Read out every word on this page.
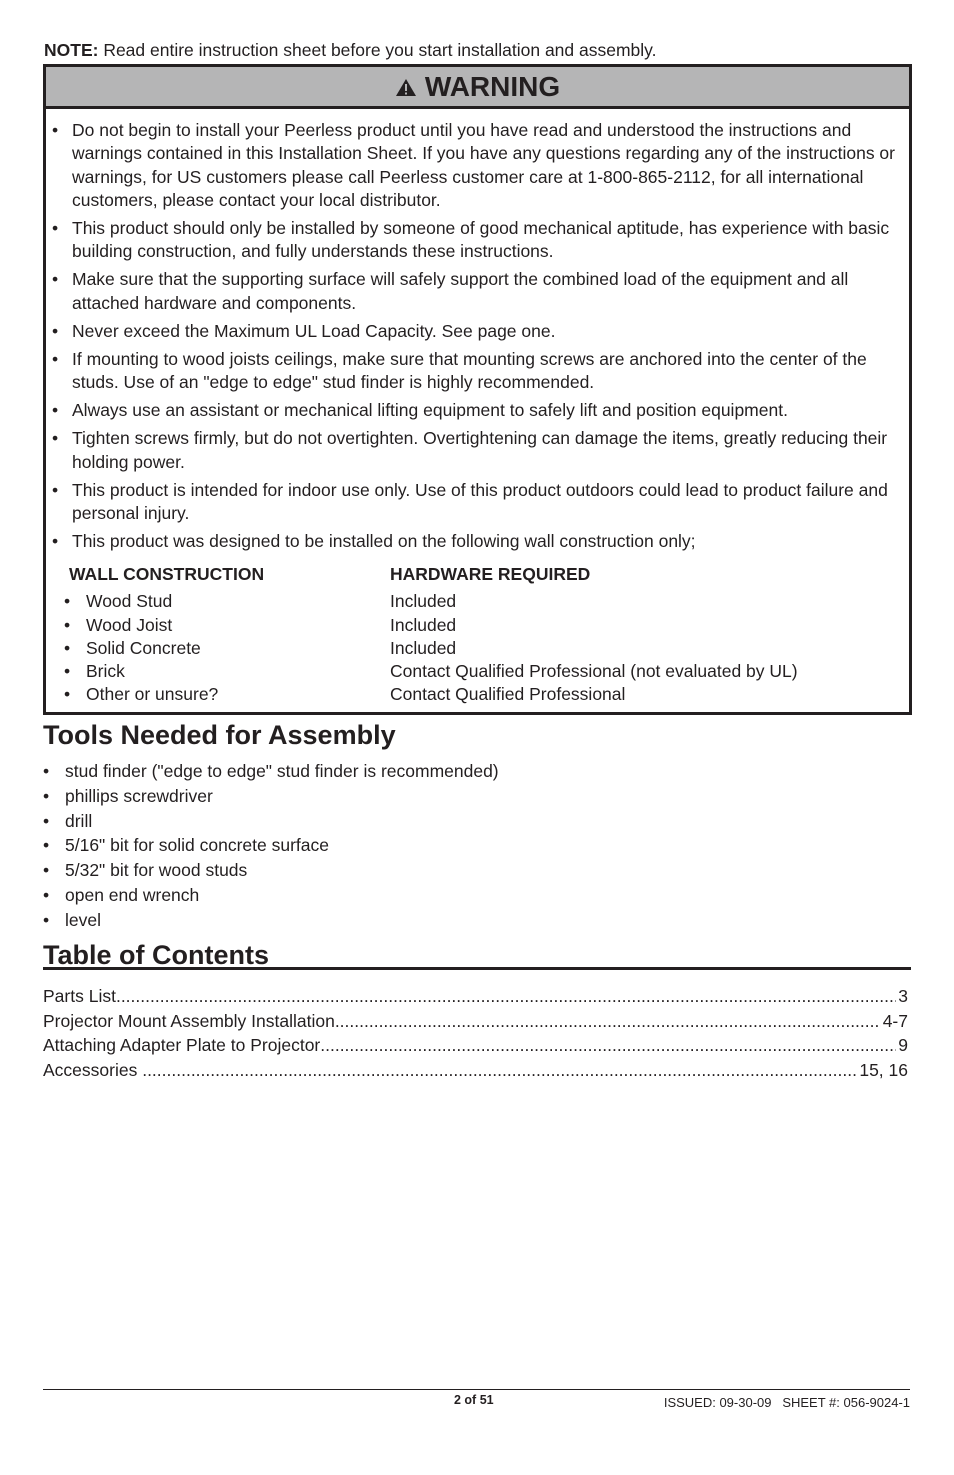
NOTE: Read entire instruction sheet before you start installation and assembly.
WARNING
• Do not begin to install your Peerless product until you have read and understood the instructions and warnings contained in this Installation Sheet. If you have any questions regarding any of the instructions or warnings, for US customers please call Peerless customer care at 1-800-865-2112, for all international customers, please contact your local distributor.
• This product should only be installed by someone of good mechanical aptitude, has experience with basic building construction, and fully understands these instructions.
• Make sure that the supporting surface will safely support the combined load of the equipment and all attached hardware and components.
• Never exceed the Maximum UL Load Capacity. See page one.
• If mounting to wood joists ceilings, make sure that mounting screws are anchored into the center of the studs. Use of an "edge to edge" stud finder is highly recommended.
• Always use an assistant or mechanical lifting equipment to safely lift and position equipment.
• Tighten screws firmly, but do not overtighten. Overtightening can damage the items, greatly reducing their holding power.
• This product is intended for indoor use only. Use of this product outdoors could lead to product failure and personal injury.
• This product was designed to be installed on the following wall construction only;
WALL CONSTRUCTION	HARDWARE REQUIRED
• Wood Stud	Included
• Wood Joist	Included
• Solid Concrete	Included
• Brick	Contact Qualified Professional (not evaluated by UL)
• Other or unsure?	Contact Qualified Professional
Tools Needed for Assembly
• stud finder ("edge to edge" stud finder is recommended)
• phillips screwdriver
• drill
• 5/16" bit for solid concrete surface
• 5/32" bit for wood studs
• open end wrench
• level
Table of Contents
Parts List .....	3
Projector Mount Assembly Installation .....	4-7
Attaching Adapter Plate to Projector .....	9
Accessories .....	15, 16
2 of 51	ISSUED: 09-30-09   SHEET #: 056-9024-1
